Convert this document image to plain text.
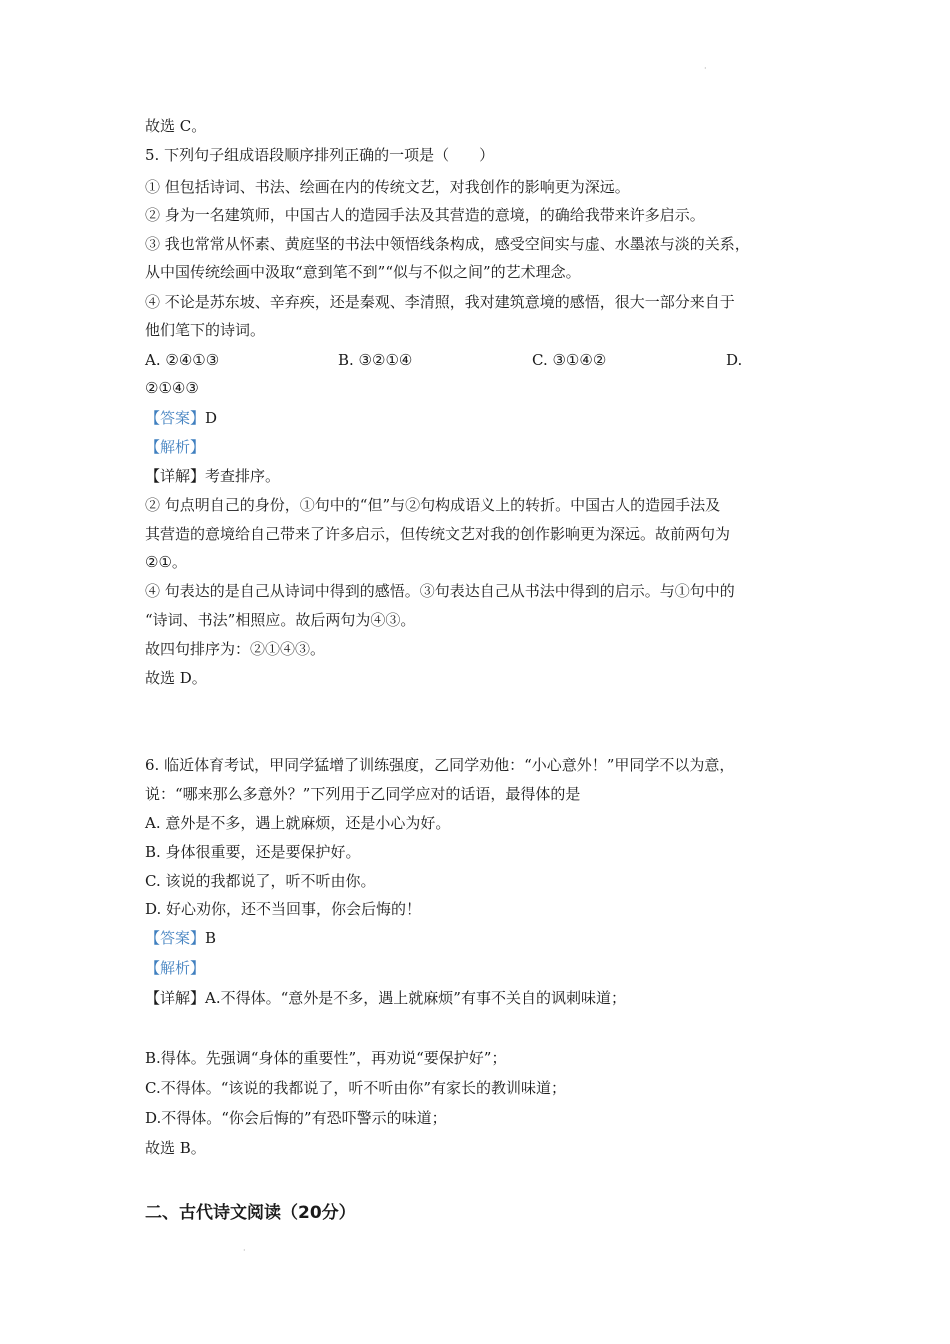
故选 C。
5. 下列句子组成语段顺序排列正确的一项是（　　）
① 但包括诗词、书法、绘画在内的传统文艺，对我创作的影响更为深远。
② 身为一名建筑师，中国古人的造园手法及其营造的意境，的确给我带来许多启示。
③ 我也常常从怀素、黄庭坚的书法中领悟线条构成，感受空间实与虚、水墨浓与淡的关系，
从中国传统绘画中汲取“意到笔不到”“似与不似之间”的艺术理念。
④ 不论是苏东坡、辛弃疾，还是秦观、李清照，我对建筑意境的感悟，很大一部分来自于
他们笔下的诗词。
A. ②④①③	B. ③②①④	C. ③①④②	D.
②①④③
【答案】D
【解析】
【详解】考查排序。
② 句点明自己的身份，①句中的“但”与②句构成语义上的转折。中国古人的造园手法及
其营造的意境给自己带来了许多启示，但传统文艺对我的创作影响更为深远。故前两句为
②①。
④ 句表达的是自己从诗词中得到的感悟。③句表达自己从书法中得到的启示。与①句中的
“诗词、书法”相照应。故后两句为④③。
故四句排序为：②①④③。
故选 D。
6. 临近体育考试，甲同学猛增了训练强度，乙同学劝他：“小心意外！”甲同学不以为意，
说：“哪来那么多意外？”下列用于乙同学应对的话语，最得体的是
A. 意外是不多，遇上就麻烦，还是小心为好。
B. 身体很重要，还是要保护好。
C. 该说的我都说了，听不听由你。
D. 好心劝你，还不当回事，你会后悔的！
【答案】B
【解析】
【详解】A.不得体。“意外是不多，遇上就麻烦”有事不关自的讽刺味道；
B.得体。先强调“身体的重要性”，再劝说“要保护好”；
C.不得体。“该说的我都说了，听不听由你”有家长的教训味道；
D.不得体。“你会后悔的”有恐吓警示的味道；
故选 B。
二、古代诗文阅读（20分）
·
·
